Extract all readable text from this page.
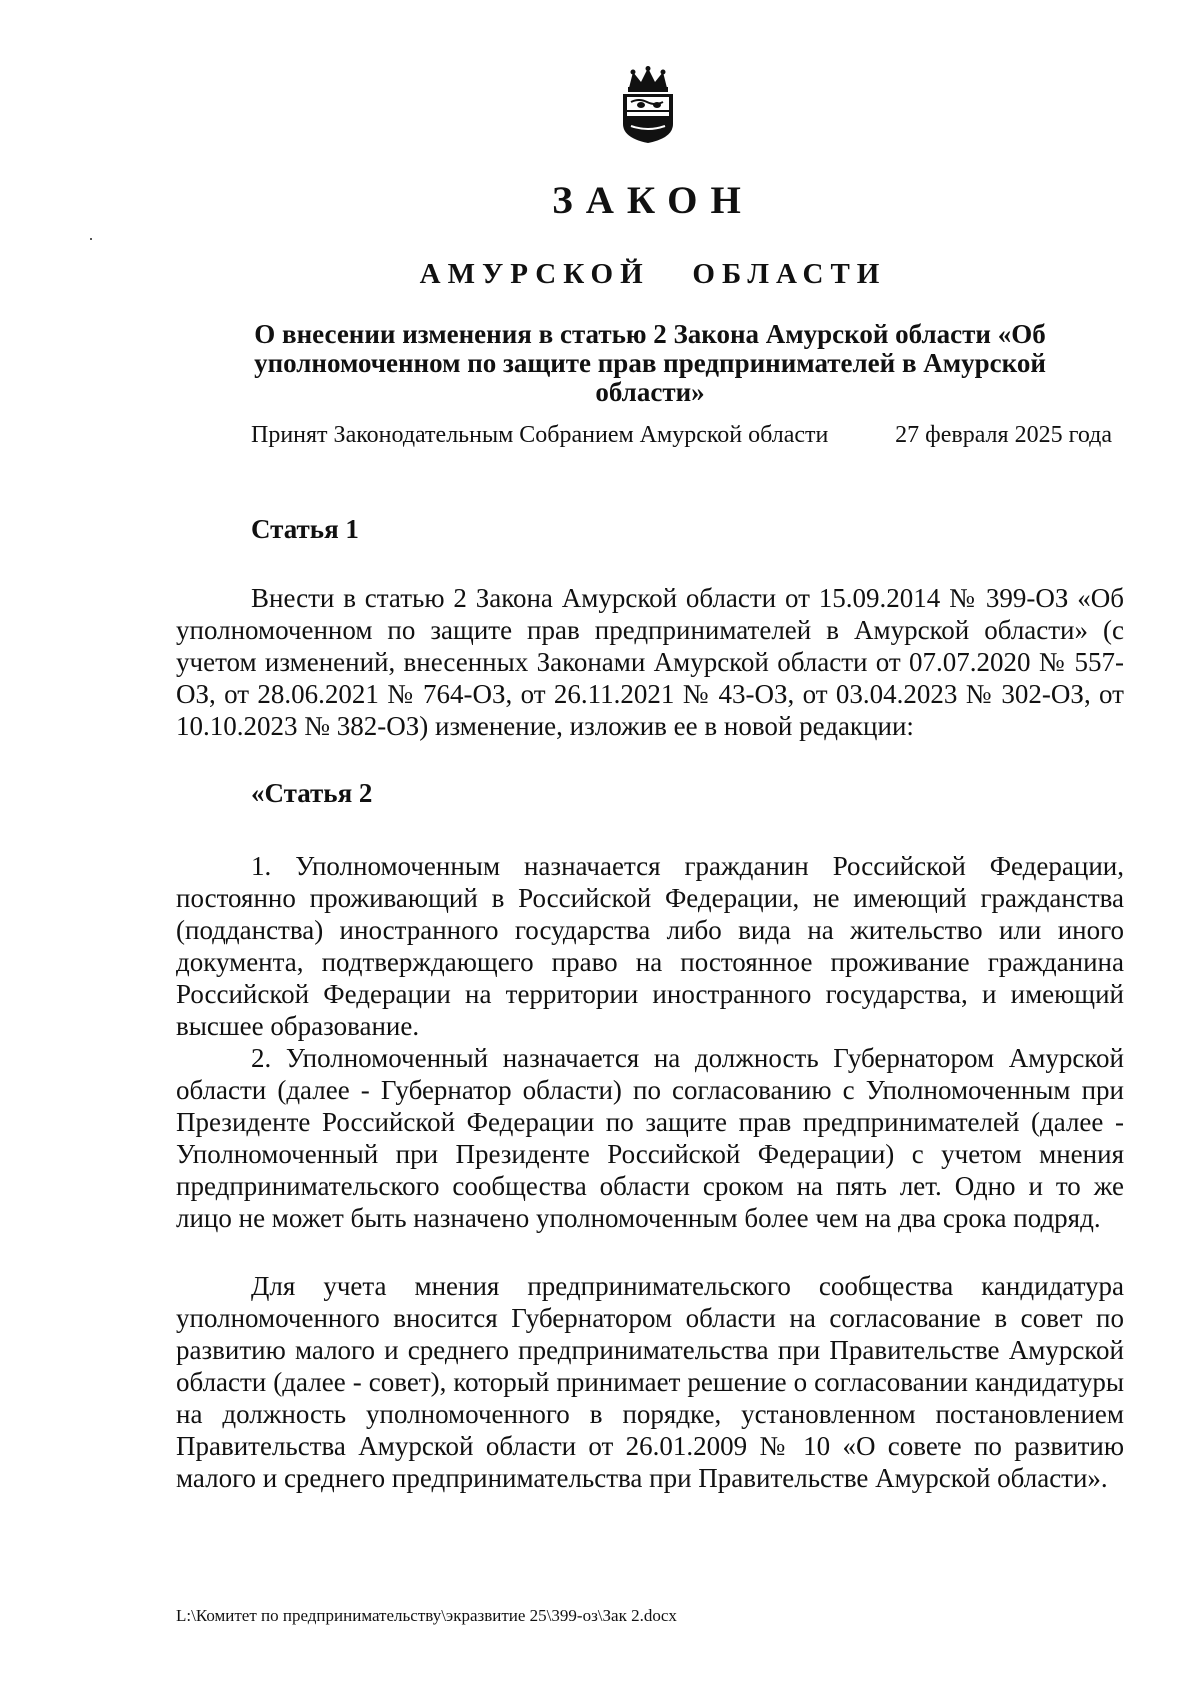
ЗАКОН
АМУРСКОЙ   ОБЛАСТИ
О внесении изменения в статью 2 Закона Амурской области «Об уполномоченном по защите прав предпринимателей в Амурской области»
Принят Законодательным Собранием Амурской области	27 февраля 2025 года
Статья 1

Внести в статью 2 Закона Амурской области от 15.09.2014 № 399-ОЗ «Об уполномоченном по защите прав предпринимателей в Амурской области» (с учетом изменений, внесенных Законами Амурской области от 07.07.2020 № 557-ОЗ, от 28.06.2021 № 764-ОЗ, от 26.11.2021 № 43-ОЗ, от 03.04.2023 № 302-ОЗ, от 10.10.2023 № 382-ОЗ) изменение, изложив ее в новой редакции:

«Статья 2

1. Уполномоченным назначается гражданин Российской Федерации, постоянно проживающий в Российской Федерации, не имеющий гражданства (подданства) иностранного государства либо вида на жительство или иного документа, подтверждающего право на постоянное проживание гражданина Российской Федерации на территории иностранного государства, и имеющий высшее образование.

2. Уполномоченный назначается на должность Губернатором Амурской области (далее - Губернатор области) по согласованию с Уполномоченным при Президенте Российской Федерации по защите прав предпринимателей (далее - Уполномоченный при Президенте Российской Федерации) с учетом мнения предпринимательского сообщества области сроком на пять лет. Одно и то же лицо не может быть назначено уполномоченным более чем на два срока подряд.

Для учета мнения предпринимательского сообщества кандидатура уполномоченного вносится Губернатором области на согласование в совет по развитию малого и среднего предпринимательства при Правительстве Амурской области (далее - совет), который принимает решение о согласовании кандидатуры на должность уполномоченного в порядке, установленном постановлением Правительства Амурской области от 26.01.2009 № 10 «О совете по развитию малого и среднего предпринимательства при Правительстве Амурской области».

L:\Комитет по предпринимательству\экразвитие 25\399-оз\Зак 2.docx
